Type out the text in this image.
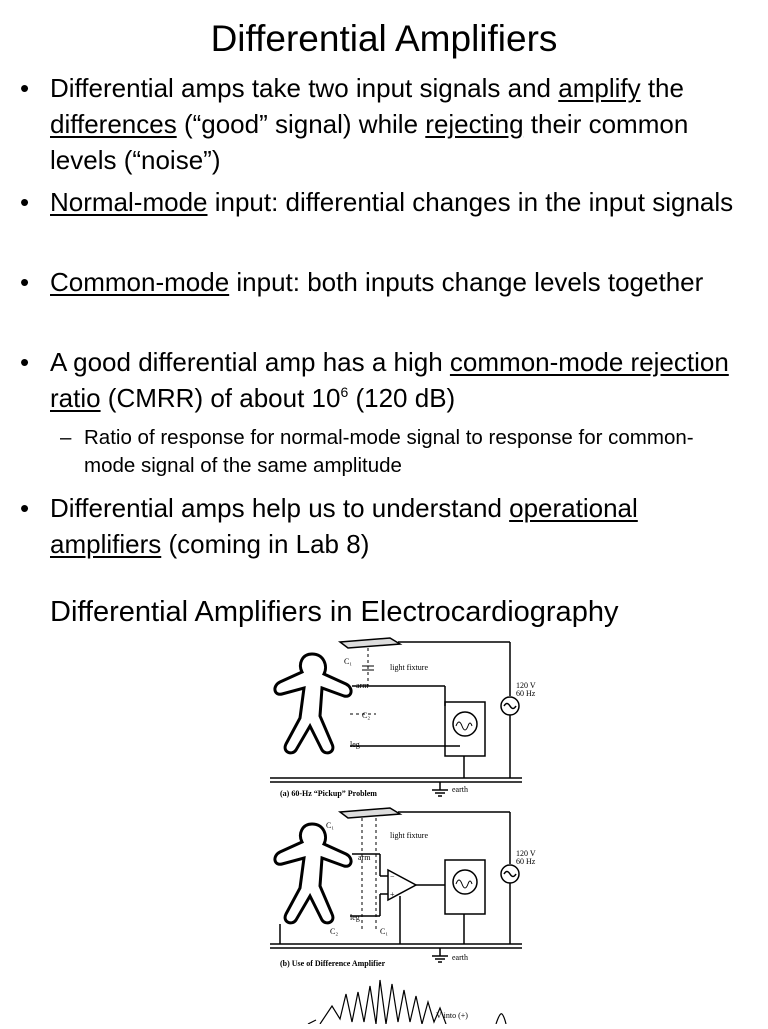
Differential Amplifiers
• Differential amps take two input signals and amplify the differences (“good” signal) while rejecting their common levels (“noise”)
• Normal-mode input: differential changes in the input signals
• Common-mode input: both inputs change levels together
• A good differential amp has a high common-mode rejection ratio (CMRR) of about $10^6$ (120 dB)
– Ratio of response for normal-mode signal to response for common-mode signal of the same amplitude
• Differential amps help us to understand operational amplifiers (coming in Lab 8)
Differential Amplifiers in Electrocardiography
C₁
light fixture
arm
C₂
leg
120 V
60 Hz
(a) 60-Hz “Pickup” Problem	earth
C₁
light fixture
arm
leg
C₂	C₁
−
+
120 V
60 Hz
(b) Use of Difference Amplifier
earth
V into (+)
